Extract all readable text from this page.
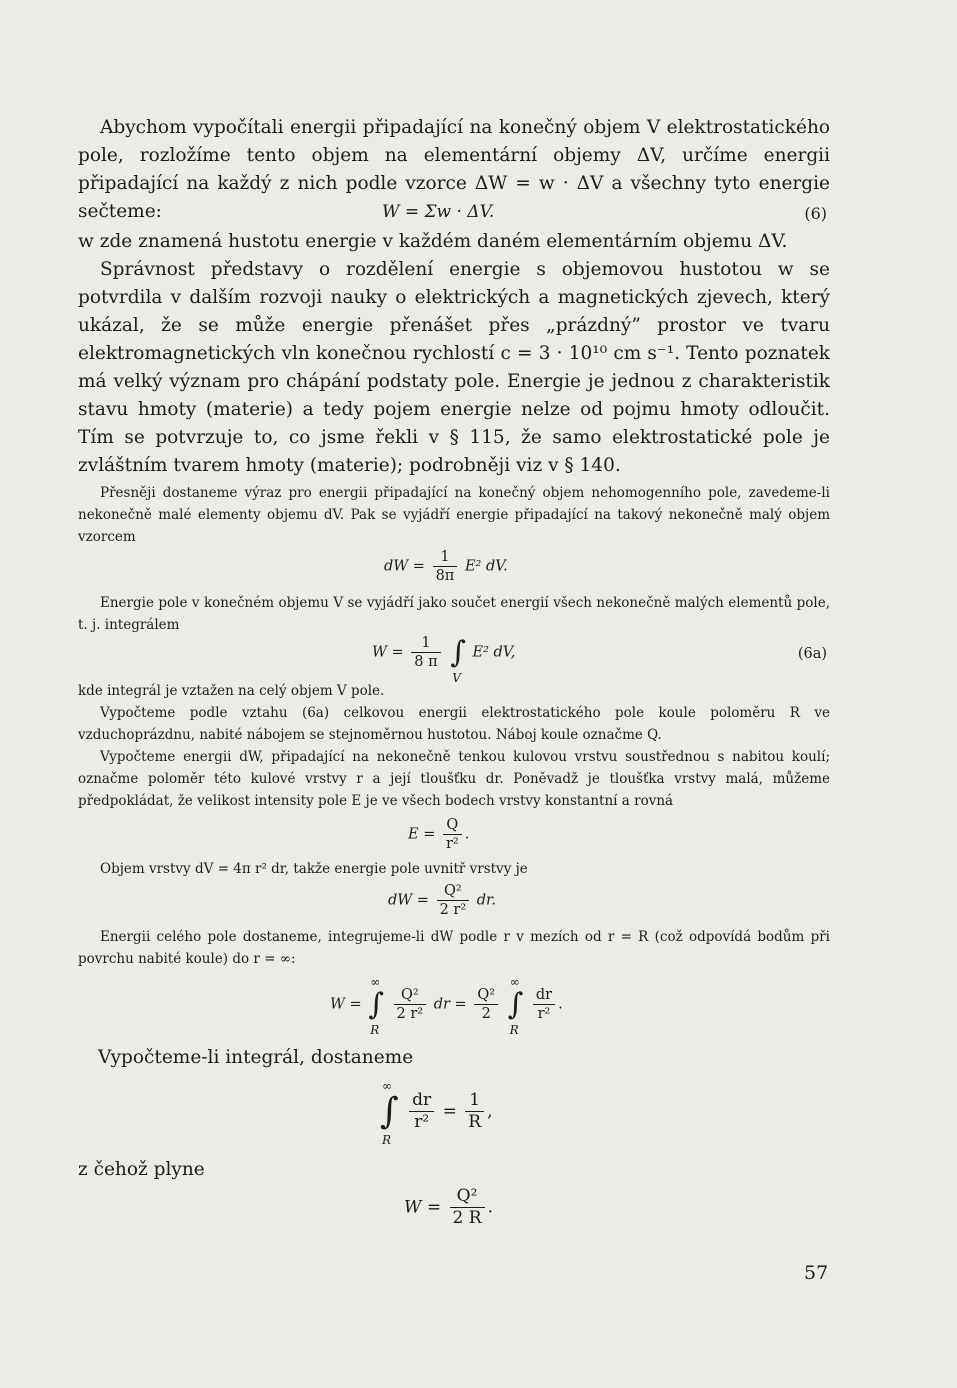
Abychom vypočítali energii připadající na konečný objem V elektrostatického pole, rozložíme tento objem na elementární objemy ΔV, určíme energii připadající na každý z nich podle vzorce ΔW = w · ΔV a všechny tyto energie sečteme:	W = Σw · ΔV.	(6)

w zde znamená hustotu energie v každém daném elementárním objemu ΔV.

Správnost představy o rozdělení energie s objemovou hustotou w se potvrdila v dalším rozvoji nauky o elektrických a magnetických zjevech, který ukázal, že se může energie přenášet přes „prázdný” prostor ve tvaru elektromagnetických vln konečnou rychlostí c = 3 · 10¹⁰ cm s⁻¹. Tento poznatek má velký význam pro chápání podstaty pole. Energie je jednou z charakteristik stavu hmoty (materie) a tedy pojem energie nelze od pojmu hmoty odloučit. Tím se potvrzuje to, co jsme řekli v § 115, že samo elektrostatické pole je zvláštním tvarem hmoty (materie); podrobněji viz v § 140.

Přesněji dostaneme výraz pro energii připadající na konečný objem nehomogenního pole, zavedeme-li nekonečně malé elementy objemu dV. Pak se vyjádří energie připadající na takový nekonečně malý objem vzorcem

dW = $\frac{1}{8\pi} E^2$ dV.

Energie pole v konečném objemu V se vyjádří jako součet energií všech nekonečně malých elementů pole, t. j. integrálem

$W = \frac{1}{8 \pi}$ ∫
V
E² dV,	(6a)

kde integrál je vztažen na celý objem V pole.

Vypočteme podle vztahu (6a) celkovou energii elektrostatického pole koule poloměru R ve vzduchoprázdnu, nabité nábojem se stejnoměrnou hustotou. Náboj koule označme Q.

Vypočteme energii dW, připadající na nekonečně tenkou kulovou vrstvu soustřednou s nabitou koulí; označme poloměr této kulové vrstvy r a její tloušťku dr. Poněvadž je tloušťka vrstvy malá, můžeme předpokládat, že velikost intensity pole E je ve všech bodech vrstvy konstantní a rovná

$E = \frac{Q}{\text{r²}}$ .

Objem vrstvy dV = 4π r² dr, takže energie pole uvnitř vrstvy je

dW = $\frac{\text{Q²}}{\text{2 r²}}$ dr.

Energii celého pole dostaneme, integrujeme-li dW podle r v mezích od r = R (což odpovídá bodům při povrchu nabité koule) do r = ∞:

W = ∫
∞
R

$\frac{\text{Q²}}{\text{2 r²}}$ dr = $\frac{\text{Q²}}{2}$ ∫
∞
R

$\frac{dr}{\text{r²}}$ .

Vypočteme-li integrál, dostaneme

∫
∞
R

$\frac{dr}{\text{r²}} = \frac{1}{R}$ ,

z čehož plyne

$W = \frac{\text{Q²}}{2 R}$ .
57
